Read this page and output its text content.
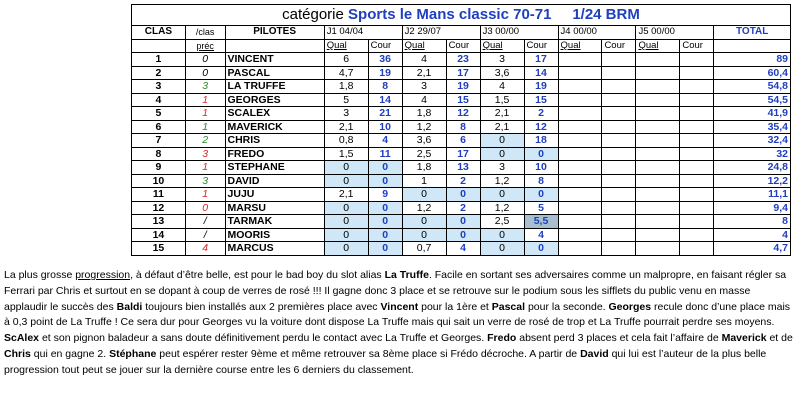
catégorie Sports le Mans classic 70-71 1/24 BRM
CLAS	/clas	PILOTES	J1 04/04		J2 29/07		J3 00/00		J4 00/00		J5 00/00		TOTAL
	préc		Qual	Cour	Qual	Cour	Qual	Cour	Qual	Cour	Qual	Cour	
1	0	VINCENT	6	36	4	23	3	17					89
2	0	PASCAL	4,7	19	2,1	17	3,6	14					60,4
3	3	LA TRUFFE	1,8	8	3	19	4	19					54,8
4	1	GEORGES	5	14	4	15	1,5	15					54,5
5	1	SCALEX	3	21	1,8	12	2,1	2					41,9
6	1	MAVERICK	2,1	10	1,2	8	2,1	12					35,4
7	2	CHRIS	0,8	4	3,6	6	0	18					32,4
8	3	FREDO	1,5	11	2,5	17	0	0					32
9	1	STEPHANE	0	0	1,8	13	3	10					24,8
10	3	DAVID	0	0	1	2	1,2	8					12,2
11	1	JUJU	2,1	9	0	0	0	0					11,1
12	0	MARSU	0	0	1,2	2	1,2	5					9,4
13	/	TARMAK	0	0	0	0	2,5	5,5					8
14	/	MOORIS	0	0	0	0	0	4					4
15	4	MARCUS	0	0	0,7	4	0	0					4,7
La plus grosse progression, à défaut d’être belle, est pour le bad boy du slot alias La Truffe. Facile en sortant ses adversaires comme un malpropre, en faisant régler sa Ferrari par Chris et surtout en se dopant à coup de verres de rosé !!! Il gagne donc 3 place et se retrouve sur le podium sous les sifflets du public venu en masse applaudir le succès des Baldi toujours bien installés aux 2 premières place avec Vincent pour la 1ère et Pascal pour la seconde. Georges recule donc d’une place mais à 0,3 point de La Truffe ! Ce sera dur pour Georges vu la voiture dont dispose La Truffe mais qui sait un verre de rosé de trop et La Truffe pourrait perdre ses moyens. ScAlex et son pignon baladeur a sans doute définitivement perdu le contact avec La Truffe et Georges. Fredo absent perd 3 places et cela fait l’affaire de Maverick et de Chris qui en gagne 2. Stéphane peut espérer rester 9ème et même retrouver sa 8ème place si Frédo décroche. A partir de David qui lui est l’auteur de la plus belle progression tout peut se jouer sur la dernière course entre les 6 derniers du classement.
